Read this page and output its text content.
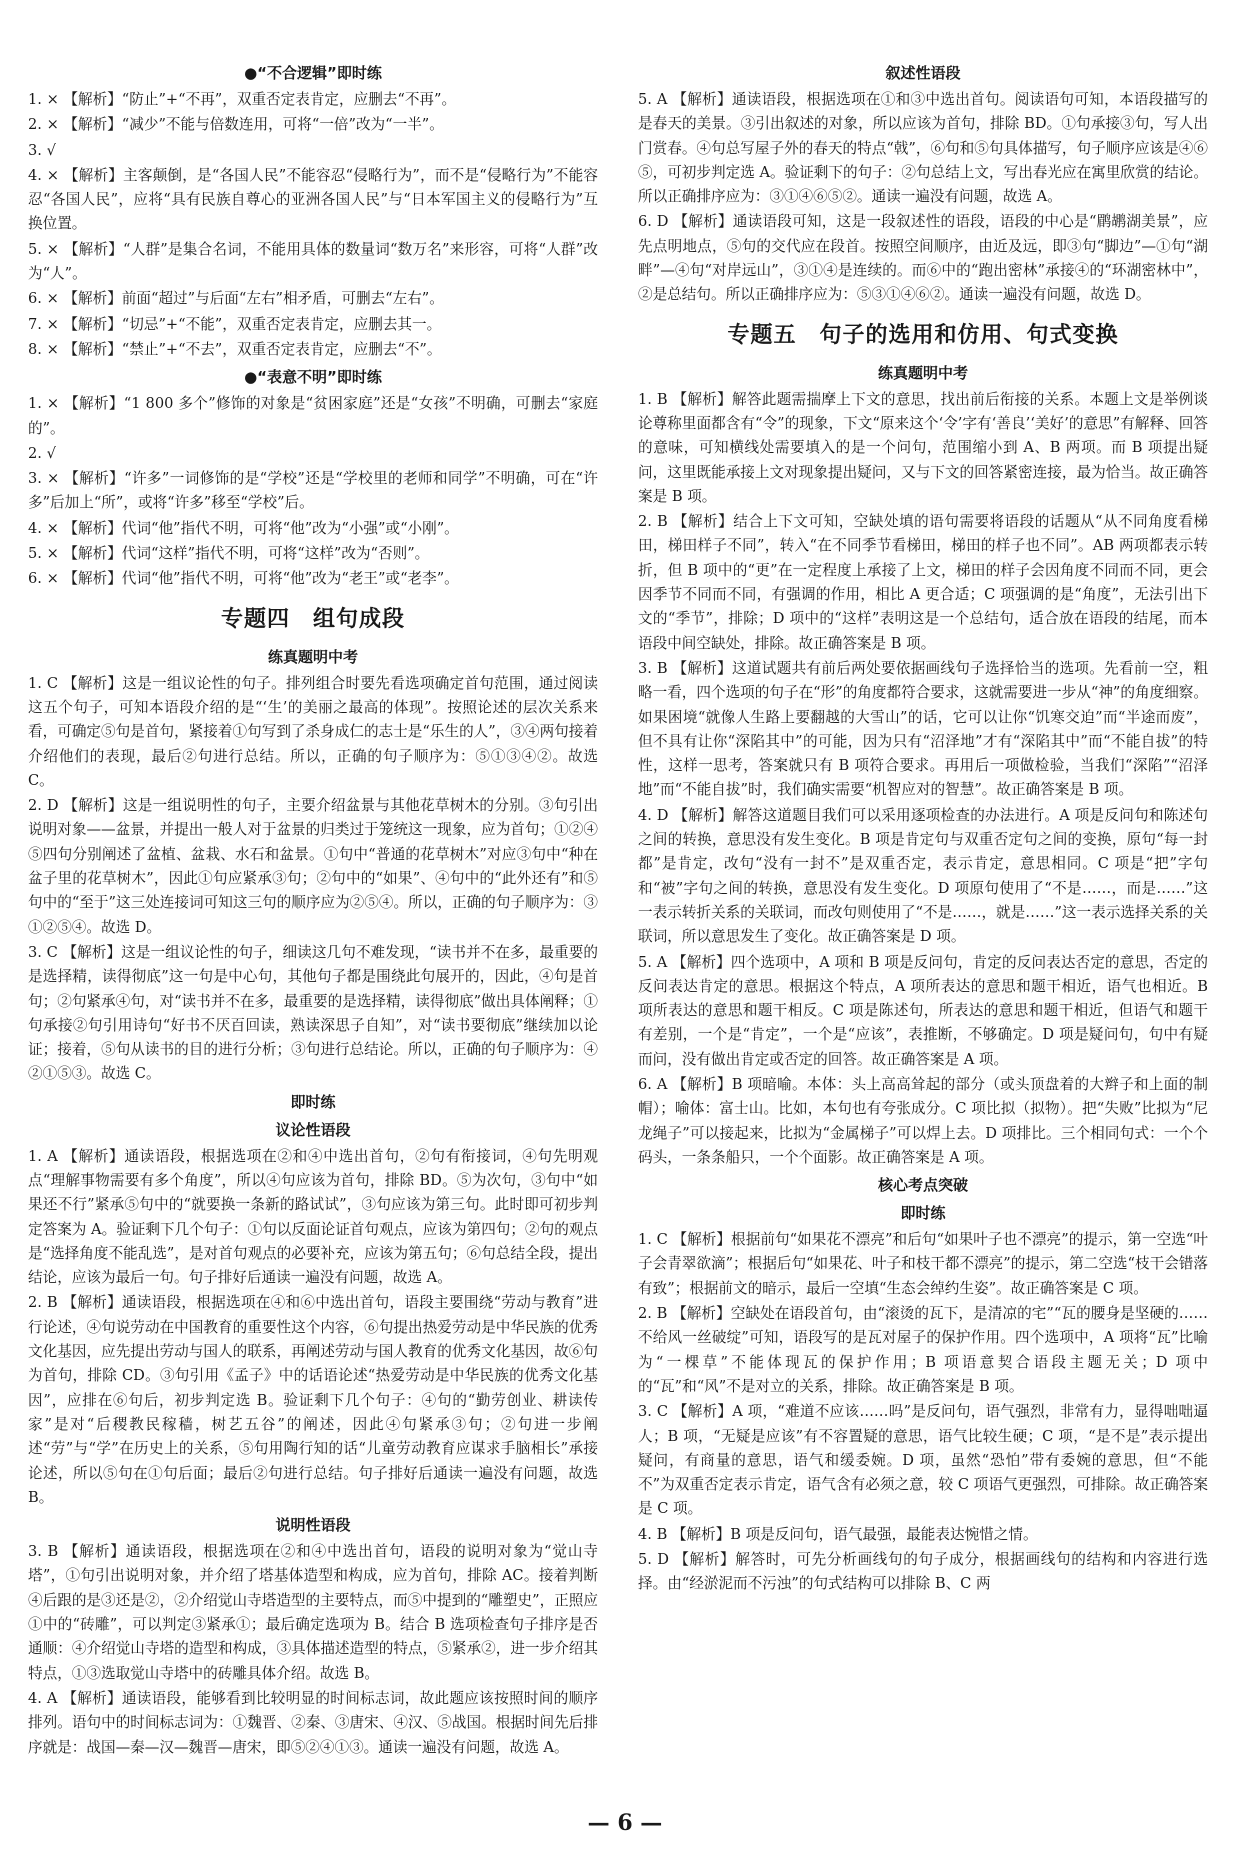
●“不合逻辑”即时练
1. × 【解析】“防止”+“不再”，双重否定表肯定，应删去“不再”。
2. × 【解析】“减少”不能与倍数连用，可将“一倍”改为“一半”。
3. √
4. × 【解析】主客颠倒，是“各国人民”不能容忍“侵略行为”，而不是“侵略行为”不能容忍“各国人民”，应将“具有民族自尊心的亚洲各国人民”与“日本军国主义的侵略行为”互换位置。
5. × 【解析】“人群”是集合名词，不能用具体的数量词“数万名”来形容，可将“人群”改为“人”。
6. × 【解析】前面“超过”与后面“左右”相矛盾，可删去“左右”。
7. × 【解析】“切忌”+“不能”，双重否定表肯定，应删去其一。
8. × 【解析】“禁止”+“不去”，双重否定表肯定，应删去“不”。
●“表意不明”即时练
1. × 【解析】“1 800 多个”修饰的对象是“贫困家庭”还是“女孩”不明确，可删去“家庭的”。
2. √
3. × 【解析】“许多”一词修饰的是“学校”还是“学校里的老师和同学”不明确，可在“许多”后加上“所”，或将“许多”移至“学校”后。
4. × 【解析】代词“他”指代不明，可将“他”改为“小强”或“小刚”。
5. × 【解析】代词“这样”指代不明，可将“这样”改为“否则”。
6. × 【解析】代词“他”指代不明，可将“他”改为“老王”或“老李”。
专题四　组句成段
练真题明中考
1. C 【解析】这是一组议论性的句子。排列组合时要先看选项确定首句范围，通过阅读这五个句子，可知本语段介绍的是“‘生’的美丽之最高的体现”。按照论述的层次关系来看，可确定⑤句是首句，紧接着①句写到了杀身成仁的志士是“乐生的人”，③④两句接着介绍他们的表现，最后②句进行总结。所以，正确的句子顺序为：⑤①③④②。故选 C。
2. D 【解析】这是一组说明性的句子，主要介绍盆景与其他花草树木的分别。③句引出说明对象——盆景，并提出一般人对于盆景的归类过于笼统这一现象，应为首句；①②④⑤四句分别阐述了盆植、盆栽、水石和盆景。①句中“普通的花草树木”对应③句中“种在盆子里的花草树木”，因此①句应紧承③句；②句中的“如果”、④句中的“此外还有”和⑤句中的“至于”这三处连接词可知这三句的顺序应为②⑤④。所以，正确的句子顺序为：③①②⑤④。故选 D。
3. C 【解析】这是一组议论性的句子，细读这几句不难发现，“读书并不在多，最重要的是选择精，读得彻底”这一句是中心句，其他句子都是围绕此句展开的，因此，④句是首句；②句紧承④句，对“读书并不在多，最重要的是选择精，读得彻底”做出具体阐释；①句承接②句引用诗句“好书不厌百回读，熟读深思子自知”，对“读书要彻底”继续加以论证；接着，⑤句从读书的目的进行分析；③句进行总结论。所以，正确的句子顺序为：④②①⑤③。故选 C。
即时练
议论性语段
1. A 【解析】通读语段，根据选项在②和④中选出首句，②句有衔接词，④句先明观点“理解事物需要有多个角度”，所以④句应该为首句，排除 BD。⑤为次句，③句中“如果还不行”紧承⑤句中的“就要换一条新的路试试”，③句应该为第三句。此时即可初步判定答案为 A。验证剩下几个句子：①句以反面论证首句观点，应该为第四句；②句的观点是“选择角度不能乱选”，是对首句观点的必要补充，应该为第五句；⑥句总结全段，提出结论，应该为最后一句。句子排好后通读一遍没有问题，故选 A。
2. B 【解析】通读语段，根据选项在④和⑥中选出首句，语段主要围绕“劳动与教育”进行论述，④句说劳动在中国教育的重要性这个内容，⑥句提出热爱劳动是中华民族的优秀文化基因，应先提出劳动与国人的联系，再阐述劳动与国人教育的优秀文化基因，故⑥句为首句，排除 CD。③句引用《孟子》中的话语论述“热爱劳动是中华民族的优秀文化基因”，应排在⑥句后，初步判定选 B。验证剩下几个句子：④句的“勤劳创业、耕读传家”是对“后稷教民稼穑，树艺五谷”的阐述，因此④句紧承③句；②句进一步阐述“劳”与“学”在历史上的关系，⑤句用陶行知的话“儿童劳动教育应谋求手脑相长”承接论述，所以⑤句在①句后面；最后②句进行总结。句子排好后通读一遍没有问题，故选 B。
说明性语段
3. B 【解析】通读语段，根据选项在②和④中选出首句，语段的说明对象为“觉山寺塔”，①句引出说明对象，并介绍了塔基体造型和构成，应为首句，排除 AC。接着判断④后跟的是③还是②，②介绍觉山寺塔造型的主要特点，而⑤中提到的“雕塑史”，正照应①中的“砖雕”，可以判定③紧承①；最后确定选项为 B。结合 B 选项检查句子排序是否通顺：④介绍觉山寺塔的造型和构成，③具体描述造型的特点，⑤紧承②，进一步介绍其特点，①③选取觉山寺塔中的砖雕具体介绍。故选 B。
4. A 【解析】通读语段，能够看到比较明显的时间标志词，故此题应该按照时间的顺序排列。语句中的时间标志词为：①魏晋、②秦、③唐宋、④汉、⑤战国。根据时间先后排序就是：战国—秦—汉—魏晋—唐宋，即⑤②④①③。通读一遍没有问题，故选 A。
叙述性语段
5. A 【解析】通读语段，根据选项在①和③中选出首句。阅读语句可知，本语段描写的是春天的美景。③引出叙述的对象，所以应该为首句，排除 BD。①句承接③句，写人出门赏春。④句总写屋子外的春天的特点“戟”，⑥句和⑤句具体描写，句子顺序应该是④⑥⑤，可初步判定选 A。验证剩下的句子：②句总结上文，写出春光应在寓里欣赏的结论。所以正确排序应为：③①④⑥⑤②。通读一遍没有问题，故选 A。
6. D 【解析】通读语段可知，这是一段叙述性的语段，语段的中心是“鹛鹕湖美景”，应先点明地点，⑤句的交代应在段首。按照空间顺序，由近及远，即③句“脚边”—①句“湖畔”—④句“对岸远山”，③①④是连续的。而⑥中的“跑出密林”承接④的“环湖密林中”，②是总结句。所以正确排序应为：⑤③①④⑥②。通读一遍没有问题，故选 D。
专题五　句子的选用和仿用、句式变换
练真题明中考
1. B 【解析】解答此题需揣摩上下文的意思，找出前后衔接的关系。本题上文是举例谈论尊称里面都含有“令”的现象，下文“原来这个‘令’字有‘善良’‘美好’的意思”有解释、回答的意味，可知横线处需要填入的是一个问句，范围缩小到 A、B 两项。而 B 项提出疑问，这里既能承接上文对现象提出疑问，又与下文的回答紧密连接，最为恰当。故正确答案是 B 项。
2. B 【解析】结合上下文可知，空缺处填的语句需要将语段的话题从“从不同角度看梯田，梯田样子不同”，转入“在不同季节看梯田，梯田的样子也不同”。AB 两项都表示转折，但 B 项中的“更”在一定程度上承接了上文，梯田的样子会因角度不同而不同，更会因季节不同而不同，有强调的作用，相比 A 更合适；C 项强调的是“角度”，无法引出下文的“季节”，排除；D 项中的“这样”表明这是一个总结句，适合放在语段的结尾，而本语段中间空缺处，排除。故正确答案是 B 项。
3. B 【解析】这道试题共有前后两处要依据画线句子选择恰当的选项。先看前一空，粗略一看，四个选项的句子在“形”的角度都符合要求，这就需要进一步从“神”的角度细察。如果困境“就像人生路上要翻越的大雪山”的话，它可以让你“饥寒交迫”而“半途而废”，但不具有让你“深陷其中”的可能，因为只有“沼泽地”才有“深陷其中”而“不能自拔”的特性，这样一思考，答案就只有 B 项符合要求。再用后一项做检验，当我们“深陷”“沼泽地”而“不能自拔”时，我们确实需要“机智应对的智慧”。故正确答案是 B 项。
4. D 【解析】解答这道题目我们可以采用逐项检查的办法进行。A 项是反问句和陈述句之间的转换，意思没有发生变化。B 项是肯定句与双重否定句之间的变换，原句“每一封都”是肯定，改句“没有一封不”是双重否定，表示肯定，意思相同。C 项是“把”字句和“被”字句之间的转换，意思没有发生变化。D 项原句使用了“不是……，而是……”这一表示转折关系的关联词，而改句则使用了“不是……，就是……”这一表示选择关系的关联词，所以意思发生了变化。故正确答案是 D 项。
5. A 【解析】四个选项中，A 项和 B 项是反问句，肯定的反问表达否定的意思，否定的反问表达肯定的意思。根据这个特点，A 项所表达的意思和题干相近，语气也相近。B 项所表达的意思和题干相反。C 项是陈述句，所表达的意思和题干相近，但语气和题干有差别，一个是“肯定”，一个是“应该”，表推断，不够确定。D 项是疑问句，句中有疑而问，没有做出肯定或否定的回答。故正确答案是 A 项。
6. A 【解析】B 项暗喻。本体：头上高高耸起的部分（或头顶盘着的大辫子和上面的制帽）；喻体：富士山。比如，本句也有夸张成分。C 项比拟（拟物）。把“失败”比拟为“尼龙绳子”可以接起来，比拟为“金属梯子”可以焊上去。D 项排比。三个相同句式：一个个码头，一条条船只，一个个面影。故正确答案是 A 项。
核心考点突破
即时练
1. C 【解析】根据前句“如果花不漂亮”和后句“如果叶子也不漂亮”的提示，第一空选“叶子会青翠欲滴”；根据后句“如果花、叶子和枝干都不漂亮”的提示，第二空选“枝干会错落有致”；根据前文的暗示，最后一空填“生态会绰约生姿”。故正确答案是 C 项。
2. B 【解析】空缺处在语段首句，由“滚烫的瓦下，是清凉的宅”“瓦的腰身是坚硬的……不给风一丝破绽”可知，语段写的是瓦对屋子的保护作用。四个选项中，A 项将“瓦”比喻为“一棵草”不能体现瓦的保护作用；B 项语意契合语段主题无关；D 项中的“瓦”和“风”不是对立的关系，排除。故正确答案是 B 项。
3. C 【解析】A 项，“难道不应该……吗”是反问句，语气强烈，非常有力，显得咄咄逼人；B 项，“无疑是应该”有不容置疑的意思，语气比较生硬；C 项，“是不是”表示提出疑问，有商量的意思，语气和缓委婉。D 项，虽然“恐怕”带有委婉的意思，但“不能不”为双重否定表示肯定，语气含有必须之意，较 C 项语气更强烈，可排除。故正确答案是 C 项。
4. B 【解析】B 项是反问句，语气最强，最能表达惋惜之情。
5. D 【解析】解答时，可先分析画线句的句子成分，根据画线句的结构和内容进行选择。由“经淤泥而不污浊”的句式结构可以排除 B、C 两
— 6 —
